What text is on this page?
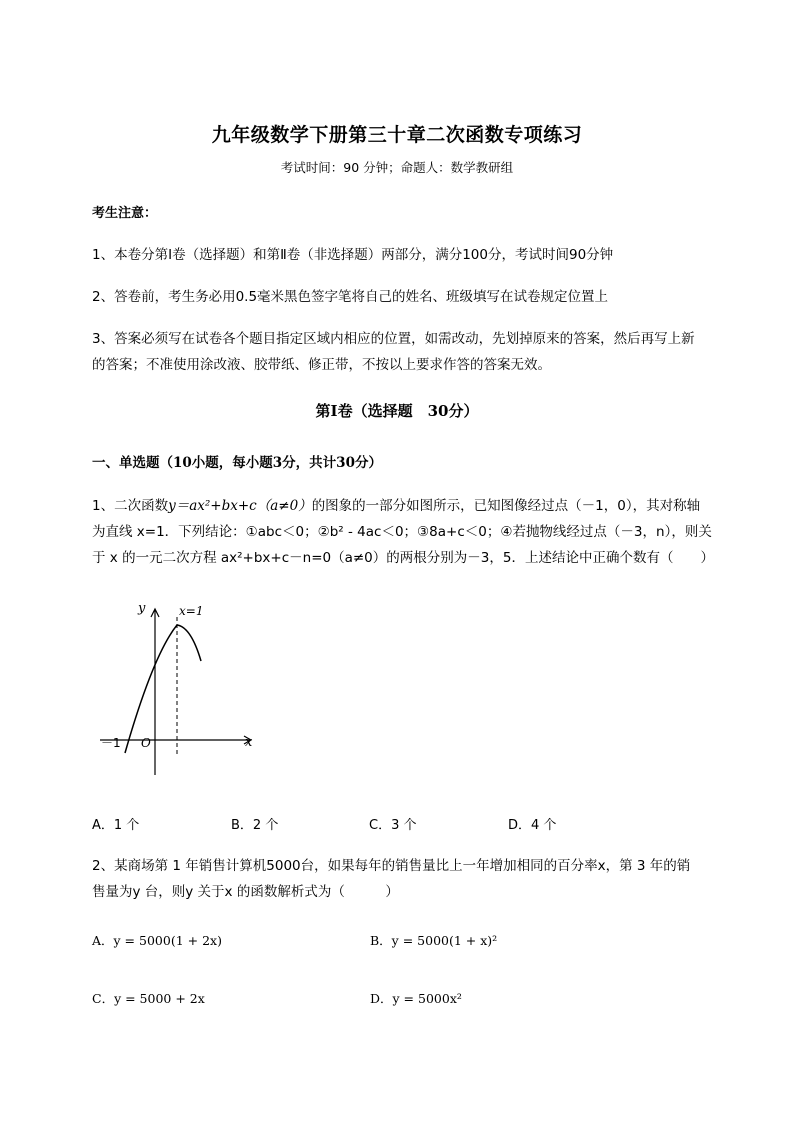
九年级数学下册第三十章二次函数专项练习
考试时间：90 分钟；命题人：数学教研组
考生注意：
1、本卷分第Ⅰ卷（选择题）和第Ⅱ卷（非选择题）两部分，满分100分，考试时间90分钟
2、答卷前，考生务必用0.5毫米黑色签字笔将自己的姓名、班级填写在试卷规定位置上
3、答案必须写在试卷各个题目指定区域内相应的位置，如需改动，先划掉原来的答案，然后再写上新
的答案；不准使用涂改液、胶带纸、修正带，不按以上要求作答的答案无效。
第Ⅰ卷（选择题　30分）
一、单选题（10小题，每小题3分，共计30分）
1、二次函数y＝ax²+bx+c（a≠0）的图象的一部分如图所示，已知图像经过点（－1，0），其对称轴
为直线 x=1．下列结论：①abc＜0；②b² - 4ac＜0；③8a+c＜0；④若抛物线经过点（－3，n），则关
于 x 的一元二次方程 ax²+bx+c－n=0（a≠0）的两根分别为－3，5．上述结论中正确个数有（　　）
y
x
O
－1
x=1
A．1 个	B．2 个	C．3 个	D．4 个
2、某商场第 1 年销售计算机5000台，如果每年的销售量比上一年增加相同的百分率x，第 3 年的销
售量为y 台，则y 关于x 的函数解析式为（　　　）
A．y = 5000(1 + 2x)	B．y = 5000(1 + x)²
C．y = 5000 + 2x	D．y = 5000x²
